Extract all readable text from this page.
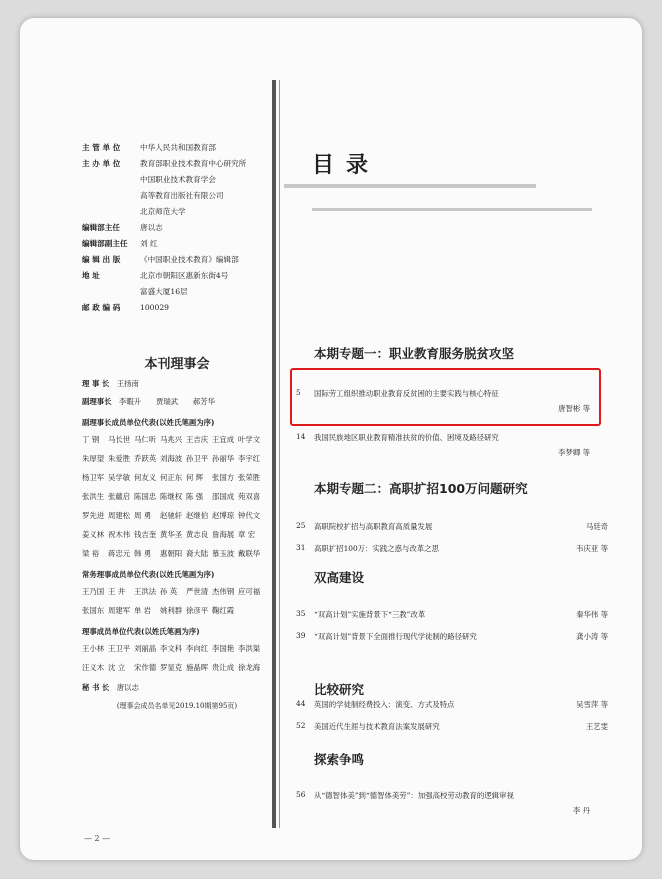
主 管 单 位	中华人民共和国教育部
主 办 单 位	教育部职业技术教育中心研究所
中国职业技术教育学会
高等教育出版社有限公司
北京师范大学
编辑部主任	唐以志
编辑部副主任	刘 红
编 辑 出 版	《中国职业技术教育》编辑部
地 址	北京市朝阳区惠新东街4号
富盛大厦16层
邮 政 编 码	100029
本刊理事会
理 事 长　 王扬南
副理事长　 李暇升　　贾瑞武　　郝芳华
副理事长成员单位代表(以姓氏笔画为序)
丁 钢	马长世 马仁听 马兆兴 王吉庆 王宜成 叶学文
朱厚望 朱爱胜 乔跃英 刘海波 孙卫平 孙丽华 李宇红
杨卫军 吴学敏 何友义 何正东 何 辉	张国方 张荣胜
张洪生 张蘊启 陈国忠 陈继权 陈 强	邵国成 苑双喜
罗先进 周建松 周 勇	赵驰轩 赵继伯 赵博琼 钟代文
姜义林 祝木伟 钱吉奎 黄华圣 黄志良 詹海展 章 宏
梁 裕	蒋忠元 韩 勇	惠朝阳 裔大陆 慕玉波 戴联华
常务理事成员单位代表(以姓氏笔画为序)
王乃国 王 井	王洪法 孙 英	严世清 杰伟钢 应可福
张国东 周建军 单 岩	姚利群 徐彦平 鞠红霞
理事成员单位代表(以姓氏笔画为序)
王小林 王卫平 刘丽晶 李文科 李向红 李国艳 李洪渠
汪义木 沈 立	宋作德 罗显克 施晶晖 贵让成 徐龙海
秘 书 长　 唐以志
(理事会成员名单见2019.10期第95页)
— 2 —
目录
本期专题一：职业教育服务脱贫攻坚
5	国际劳工组织推动职业教育反贫困的主要实践与核心特征
唐智彬 等
14	我国民族地区职业教育精准扶贫的价值、困境及路径研究
李梦卿 等
本期专题二：高职扩招100万问题研究
25	高职院校扩招与高职教育高质量发展	马廷奇
31	高职扩招100万：实践之惑与改革之思	韦庆亚 等
双高建设
35	“双高计划”实施背景下“三教”改革	秦华伟 等
39	“双高计划”背景下全面推行现代学徒制的路径研究	龚小涛 等
比较研究
44	英国的学徒制经费投入：演变、方式及特点	吴雪萍 等
52	美国近代生涯与技术教育法案发展研究	王艺雯
探索争鸣
56	从“德智体美”到“德智体美劳”：加强高校劳动教育的逻辑审视
李 丹
